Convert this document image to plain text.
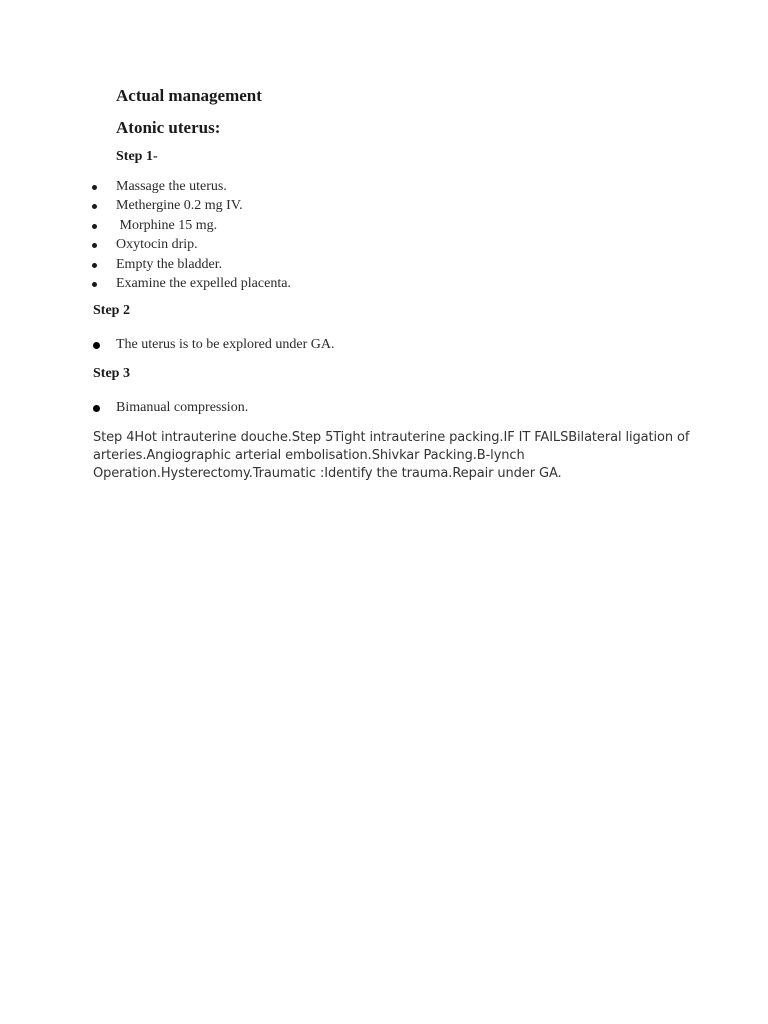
Actual management
Atonic uterus:
Step 1-
Massage the uterus.
Methergine 0.2 mg IV.
Morphine 15 mg.
Oxytocin drip.
Empty the bladder.
Examine the expelled placenta.
Step 2
The uterus is to be explored under GA.
Step 3
Bimanual compression.

Step 4Hot intrauterine douche.Step 5Tight intrauterine packing.IF IT FAILSBilateral ligation of arteries.Angiographic arterial embolisation.Shivkar Packing.B-lynch Operation.Hysterectomy.Traumatic :Identify the trauma.Repair under GA.
